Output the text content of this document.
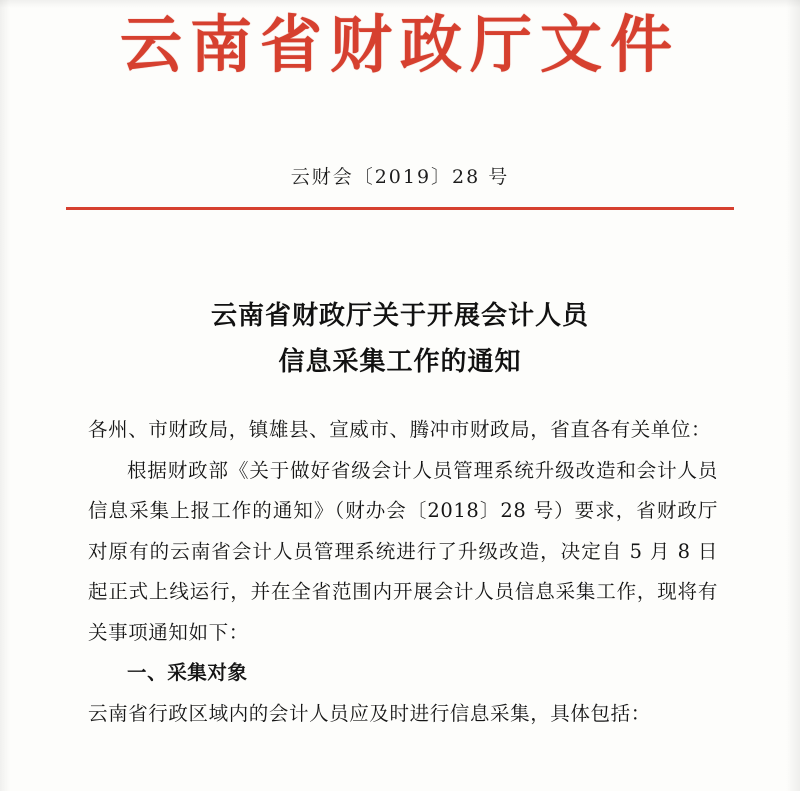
云南省财政厅文件
云财会〔2019〕28 号
云南省财政厅关于开展会计人员
信息采集工作的通知

各州、市财政局，镇雄县、宣威市、腾冲市财政局，省直各有关单位：

根据财政部《关于做好省级会计人员管理系统升级改造和会计人员信息采集上报工作的通知》（财办会〔2018〕28 号）要求，省财政厅对原有的云南省会计人员管理系统进行了升级改造，决定自 5 月 8 日起正式上线运行，并在全省范围内开展会计人员信息采集工作，现将有关事项通知如下：

一、采集对象

云南省行政区域内的会计人员应及时进行信息采集，具体包括：
